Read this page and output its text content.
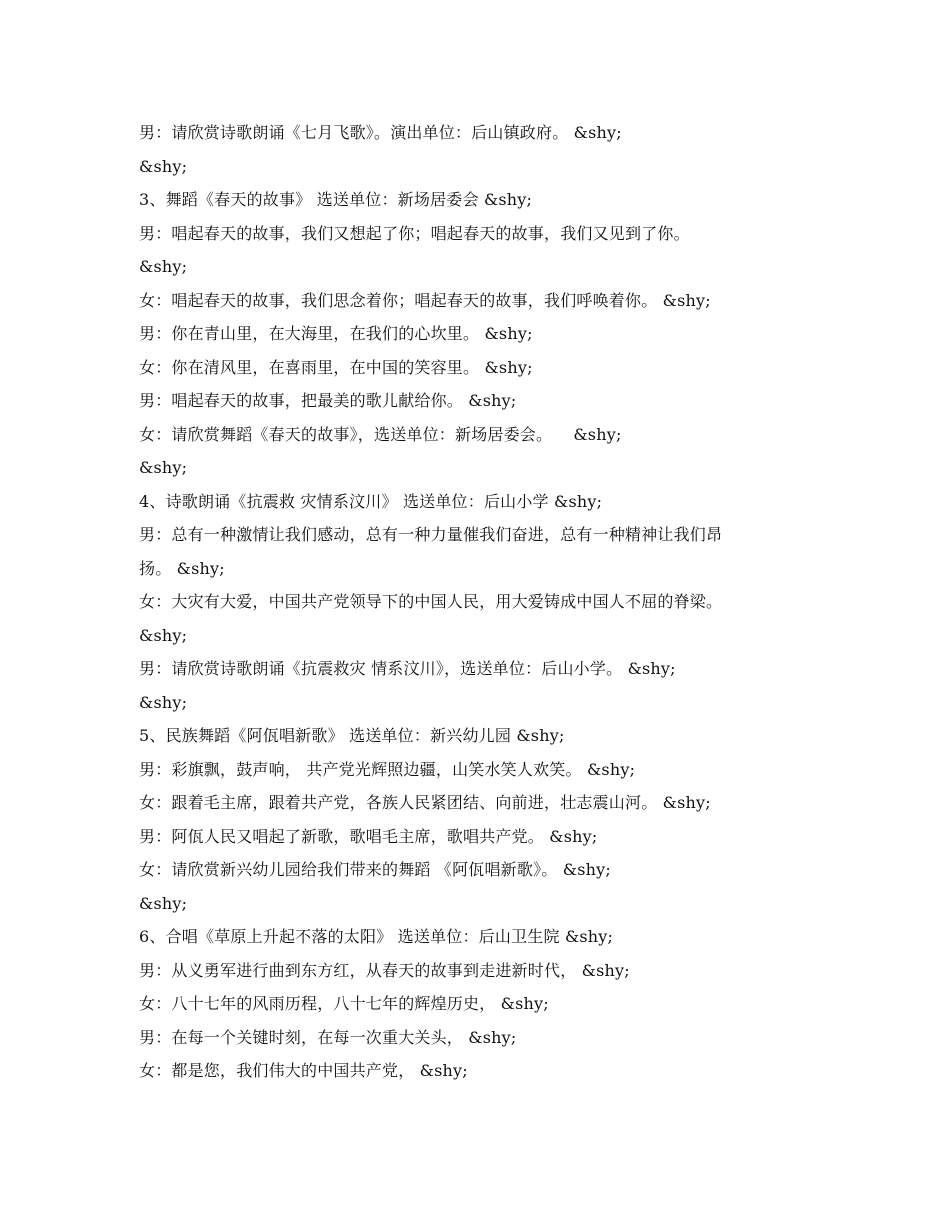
男：请欣赏诗歌朗诵《七月飞歌》。演出单位：后山镇政府。 &shy;
&shy;
3、舞蹈《春天的故事》 选送单位：新场居委会 &shy;
男：唱起春天的故事，我们又想起了你；唱起春天的故事，我们又见到了你。
&shy;
女：唱起春天的故事，我们思念着你；唱起春天的故事，我们呼唤着你。 &shy;
男：你在青山里，在大海里，在我们的心坎里。 &shy;
女：你在清风里，在喜雨里，在中国的笑容里。 &shy;
男：唱起春天的故事，把最美的歌儿献给你。 &shy;
女：请欣赏舞蹈《春天的故事》，选送单位：新场居委会。    &shy;
&shy;
4、诗歌朗诵《抗震救 灾情系汶川》 选送单位：后山小学 &shy;
男：总有一种激情让我们感动，总有一种力量催我们奋进，总有一种精神让我们昂
扬。 &shy;
女：大灾有大爱，中国共产党领导下的中国人民，用大爱铸成中国人不屈的脊梁。
&shy;
男：请欣赏诗歌朗诵《抗震救灾 情系汶川》，选送单位：后山小学。 &shy;
&shy;
5、民族舞蹈《阿佤唱新歌》 选送单位：新兴幼儿园 &shy;
男：彩旗飘，鼓声响， 共产党光辉照边疆，山笑水笑人欢笑。 &shy;
女：跟着毛主席，跟着共产党，各族人民紧团结、向前进，壮志震山河。 &shy;
男：阿佤人民又唱起了新歌，歌唱毛主席，歌唱共产党。 &shy;
女：请欣赏新兴幼儿园给我们带来的舞蹈 《阿佤唱新歌》。 &shy;
&shy;
6、合唱《草原上升起不落的太阳》 选送单位：后山卫生院 &shy;
男：从义勇军进行曲到东方红，从春天的故事到走进新时代， &shy;
女：八十七年的风雨历程，八十七年的辉煌历史， &shy;
男：在每一个关键时刻，在每一次重大关头， &shy;
女：都是您，我们伟大的中国共产党， &shy;
